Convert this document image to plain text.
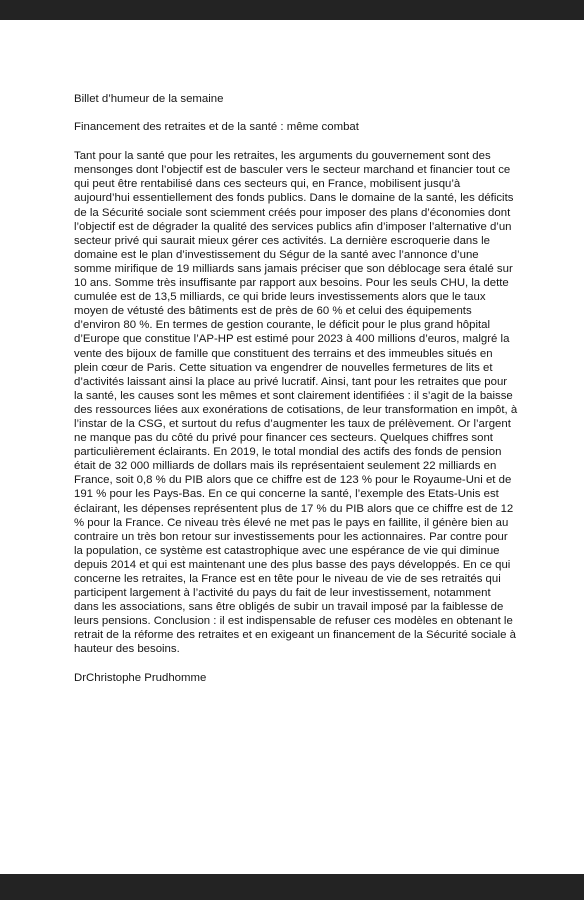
Billet d’humeur de la semaine

Financement des retraites et de la santé : même combat

Tant pour la santé que pour les retraites, les arguments du gouvernement sont des mensonges dont l’objectif est de basculer vers le secteur marchand et financier tout ce qui peut être rentabilisé dans ces secteurs qui, en France, mobilisent jusqu’à aujourd’hui essentiellement des fonds publics. Dans le domaine de la santé, les déficits de la Sécurité sociale sont sciemment créés pour imposer des plans d’économies dont l’objectif est de dégrader la qualité des services publics afin d’imposer l’alternative d’un secteur privé qui saurait mieux gérer ces activités. La dernière escroquerie dans le domaine est le plan d’investissement du Ségur de la santé avec l’annonce d’une somme mirifique de 19 milliards sans jamais préciser que son déblocage sera étalé sur 10 ans. Somme très insuffisante par rapport aux besoins. Pour les seuls CHU, la dette cumulée est de 13,5 milliards, ce qui bride leurs investissements alors que le taux moyen de vétusté des bâtiments est de près de 60 % et celui des équipements d’environ 80 %. En termes de gestion courante, le déficit pour le plus grand hôpital d’Europe que constitue l’AP-HP est estimé pour 2023 à 400 millions d’euros, malgré la vente des bijoux de famille que constituent des terrains et des immeubles situés en plein cœur de Paris. Cette situation va engendrer de nouvelles fermetures de lits et d’activités laissant ainsi la place au privé lucratif. Ainsi, tant pour les retraites que pour la santé, les causes sont les mêmes et sont clairement identifiées : il s’agit de la baisse des ressources liées aux exonérations de cotisations, de leur transformation en impôt, à l’instar de la CSG, et surtout du refus d’augmenter les taux de prélèvement. Or l’argent ne manque pas du côté du privé pour financer ces secteurs. Quelques chiffres sont particulièrement éclairants. En 2019, le total mondial des actifs des fonds de pension était de 32 000 milliards de dollars mais ils représentaient seulement 22 milliards en France, soit 0,8 % du PIB alors que ce chiffre est de 123 % pour le Royaume-Uni et de 191 % pour les Pays-Bas. En ce qui concerne la santé, l’exemple des Etats-Unis est éclairant, les dépenses représentent plus de 17 % du PIB alors que ce chiffre est de 12 % pour la France. Ce niveau très élevé ne met pas le pays en faillite, il génère bien au contraire un très bon retour sur investissements pour les actionnaires. Par contre pour la population, ce système est catastrophique avec une espérance de vie qui diminue depuis 2014 et qui est maintenant une des plus basse des pays développés. En ce qui concerne les retraites, la France est en tête pour le niveau de vie de ses retraités qui participent largement à l’activité du pays du fait de leur investissement, notamment dans les associations, sans être obligés de subir un travail imposé par la faiblesse de leurs pensions. Conclusion : il est indispensable de refuser ces modèles en obtenant le retrait de la réforme des retraites et en exigeant un financement de la Sécurité sociale à hauteur des besoins.

DrChristophe Prudhomme
